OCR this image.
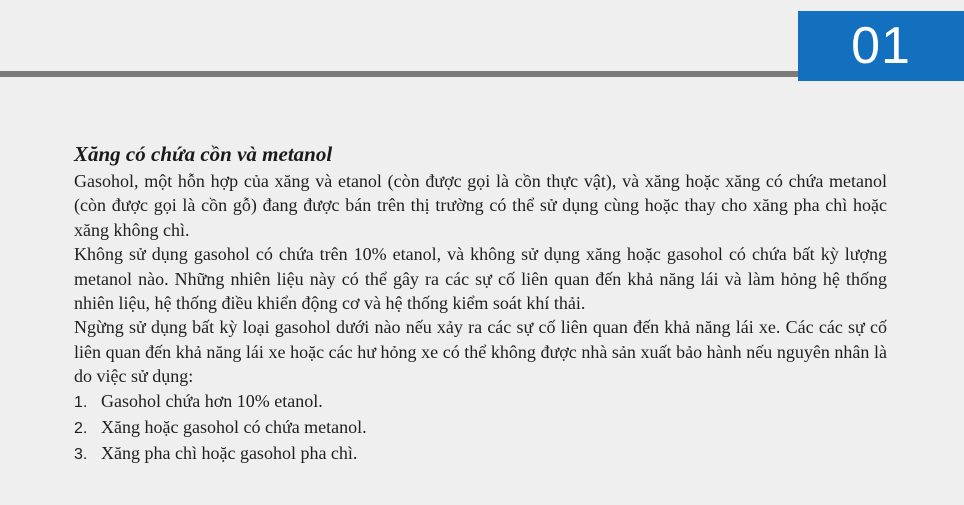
01
Xăng có chứa cồn và metanol

Gasohol, một hỗn hợp của xăng và etanol (còn được gọi là cồn thực vật), và xăng hoặc xăng có chứa metanol (còn được gọi là cồn gỗ) đang được bán trên thị trường có thể sử dụng cùng hoặc thay cho xăng pha chì hoặc xăng không chì.

Không sử dụng gasohol có chứa trên 10% etanol, và không sử dụng xăng hoặc gasohol có chứa bất kỳ lượng metanol nào. Những nhiên liệu này có thể gây ra các sự cố liên quan đến khả năng lái và làm hỏng hệ thống nhiên liệu, hệ thống điều khiển động cơ và hệ thống kiểm soát khí thải.

Ngừng sử dụng bất kỳ loại gasohol dưới nào nếu xảy ra các sự cố liên quan đến khả năng lái xe. Các các sự cố liên quan đến khả năng lái xe hoặc các hư hỏng xe có thể không được nhà sản xuất bảo hành nếu nguyên nhân là do việc sử dụng:

1. Gasohol chứa hơn 10% etanol.
2. Xăng hoặc gasohol có chứa metanol.
3. Xăng pha chì hoặc gasohol pha chì.
